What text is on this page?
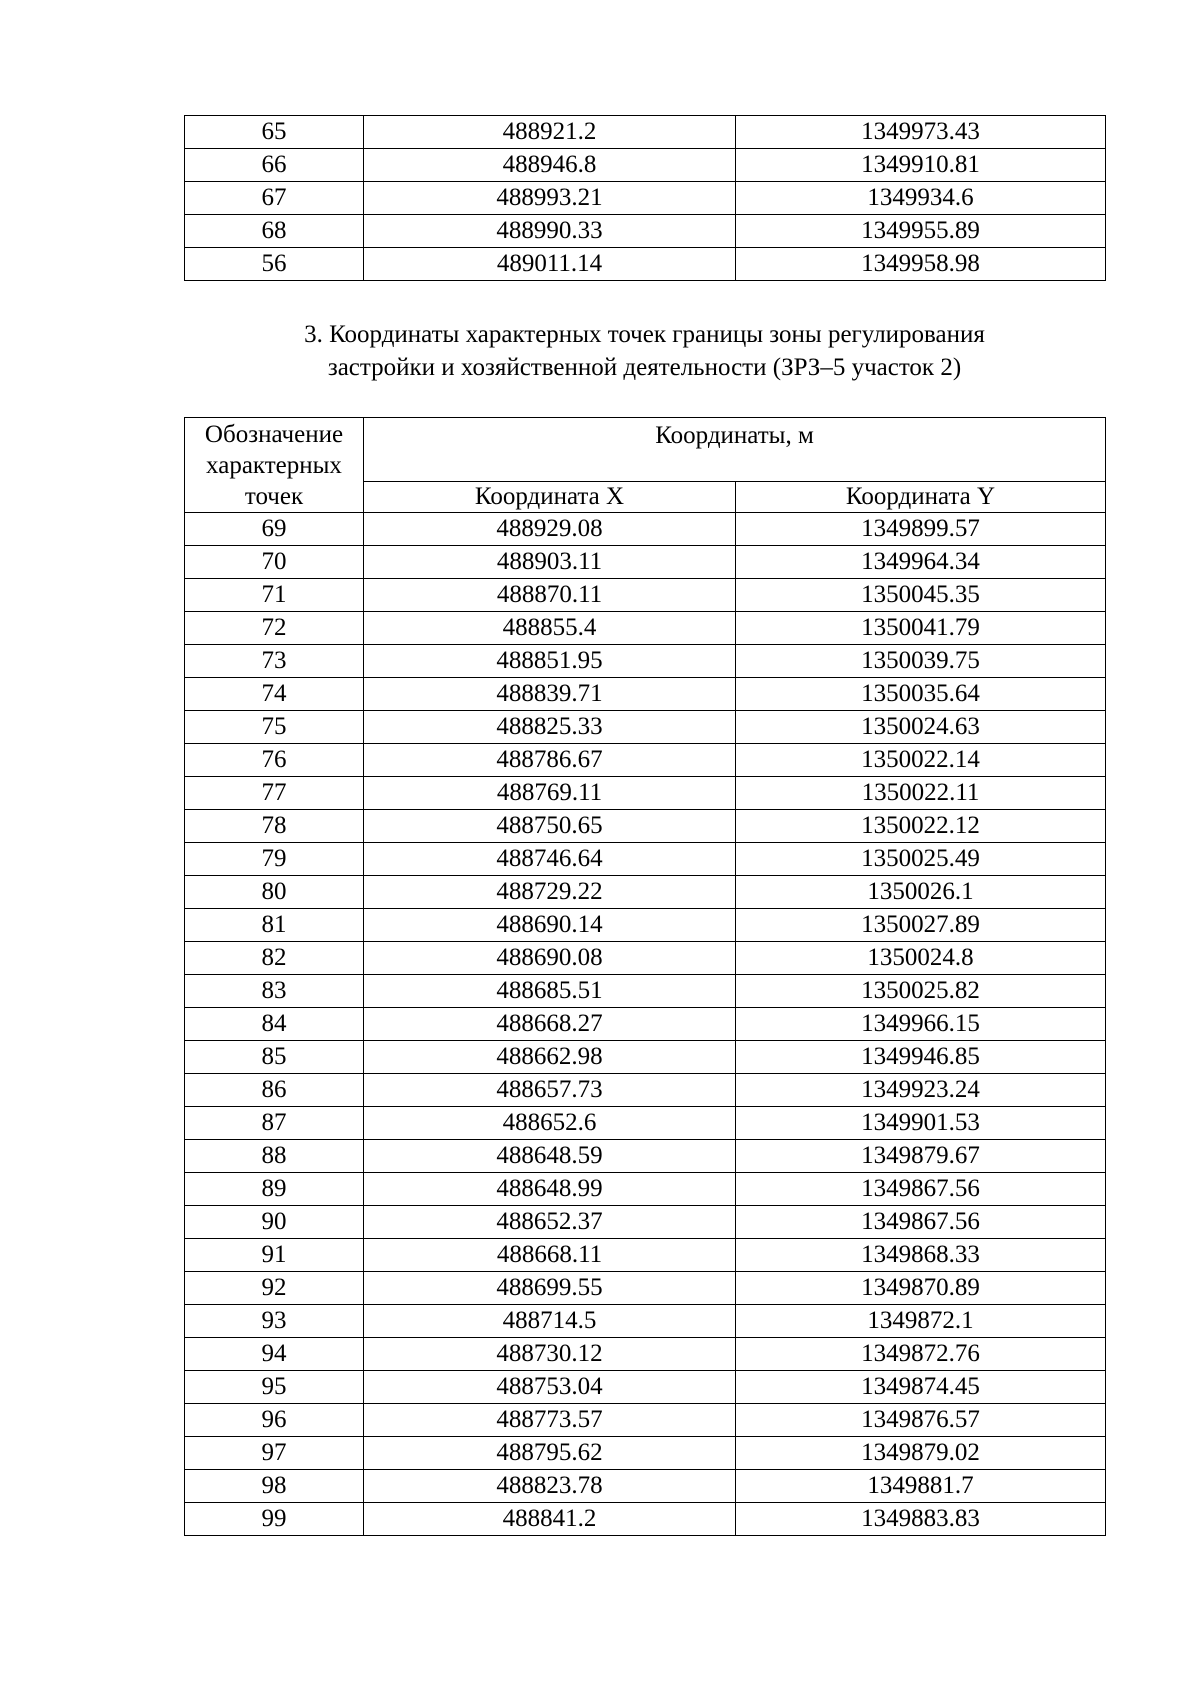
65	488921.2	1349973.43
66	488946.8	1349910.81
67	488993.21	1349934.6
68	488990.33	1349955.89
56	489011.14	1349958.98
3. Координаты характерных точек границы зоны регулирования
застройки и хозяйственной деятельности (ЗРЗ–5 участок 2)
Обозначение характерных точек	Координаты, м	
	Координата X	Координата Y
69	488929.08	1349899.57
70	488903.11	1349964.34
71	488870.11	1350045.35
72	488855.4	1350041.79
73	488851.95	1350039.75
74	488839.71	1350035.64
75	488825.33	1350024.63
76	488786.67	1350022.14
77	488769.11	1350022.11
78	488750.65	1350022.12
79	488746.64	1350025.49
80	488729.22	1350026.1
81	488690.14	1350027.89
82	488690.08	1350024.8
83	488685.51	1350025.82
84	488668.27	1349966.15
85	488662.98	1349946.85
86	488657.73	1349923.24
87	488652.6	1349901.53
88	488648.59	1349879.67
89	488648.99	1349867.56
90	488652.37	1349867.56
91	488668.11	1349868.33
92	488699.55	1349870.89
93	488714.5	1349872.1
94	488730.12	1349872.76
95	488753.04	1349874.45
96	488773.57	1349876.57
97	488795.62	1349879.02
98	488823.78	1349881.7
99	488841.2	1349883.83
